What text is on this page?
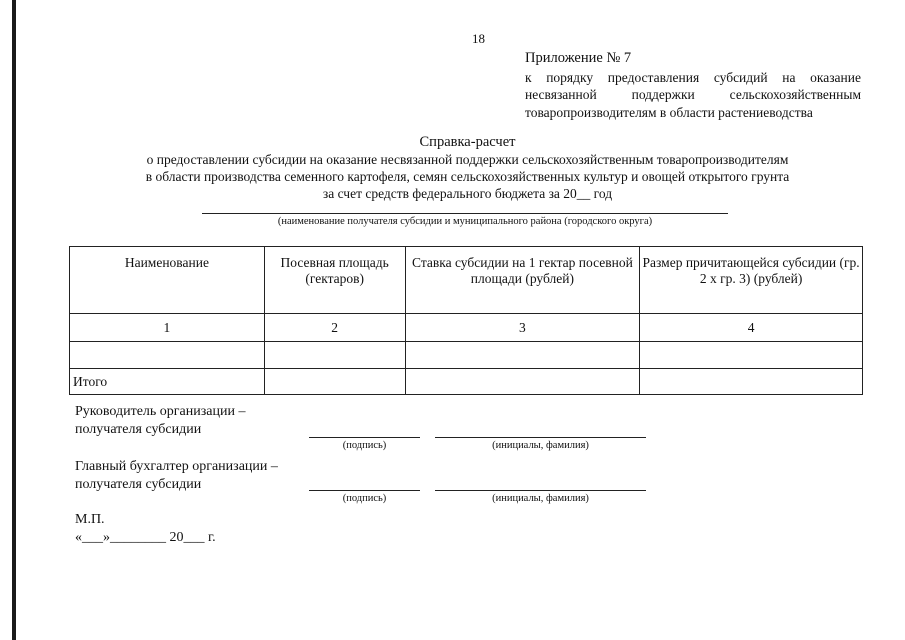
18
Приложение № 7
к порядку предоставления субсидий на оказание несвязанной поддержки сельскохозяйственным товаропроизводителям в области растениеводства
Справка-расчет
о предоставлении субсидии на оказание несвязанной поддержки сельскохозяйственным товаропроизводителям
в области производства семенного картофеля, семян сельскохозяйственных культур и овощей открытого грунта
за счет средств федерального бюджета за 20__ год
(наименование получателя субсидии и муниципального района (городского округа)
Наименование	Посевная площадь (гектаров)	Ставка субсидии на 1 гектар посевной площади (рублей)	Размер причитающейся субсидии (гр. 2 х гр. 3) (рублей)
1	2	3	4

Итого			
Руководитель организации –
получателя субсидии
(подпись)	(инициалы, фамилия)
Главный бухгалтер организации –
получателя субсидии
(подпись)	(инициалы, фамилия)
М.П.
«___»________ 20___ г.
